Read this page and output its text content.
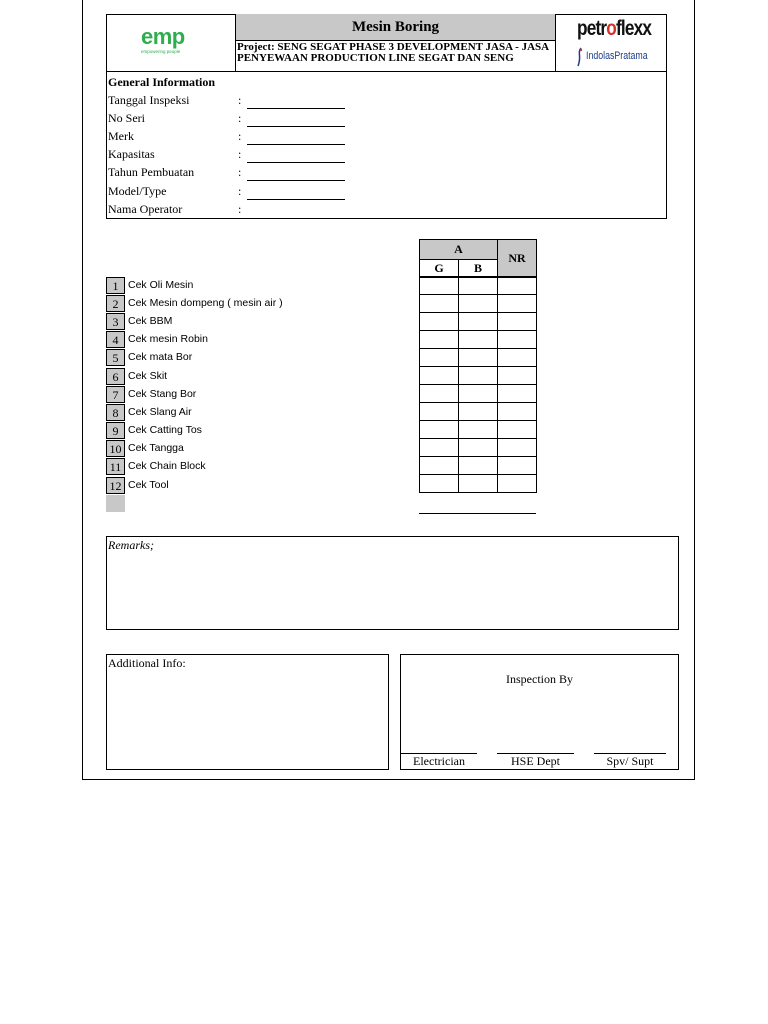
emp
empowering people
Mesin Boring
Project: SENG SEGAT PHASE 3 DEVELOPMENT JASA - JASA PENYEWAAN PRODUCTION LINE SEGAT DAN SENG
petroflexx
IndolasPratama
General Information
Tanggal Inspeksi	:
No Seri	:
Merk	:
Kapasitas	:
Tahun Pembuatan	:
Model/Type	:
Nama Operator	:
A		NR
G	B	
1 Cek Oli Mesin
2 Cek Mesin dompeng ( mesin air )
3 Cek BBM
4 Cek mesin Robin
5 Cek mata Bor
6 Cek Skit
7 Cek Stang Bor
8 Cek Slang Air
9 Cek Catting Tos
10 Cek Tangga
11 Cek Chain Block
12 Cek Tool

Remarks;
Additional Info:
Inspection By
Electrician	HSE Dept	Spv/ Supt
